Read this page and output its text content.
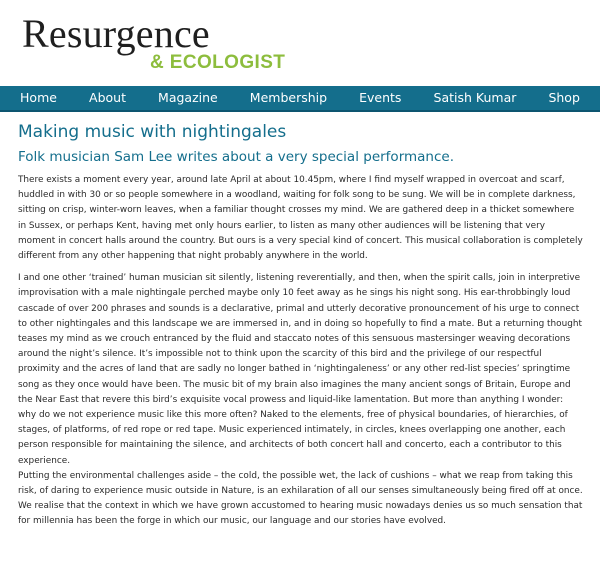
Resurgence
& ECOLOGIST
Home	About	Magazine	Membership	Events	Satish Kumar	Shop
Making music with nightingales
Folk musician Sam Lee writes about a very special performance.

There exists a moment every year, around late April at about 10.45pm, where I find myself wrapped in overcoat and scarf, huddled in with 30 or so people somewhere in a woodland, waiting for folk song to be sung. We will be in complete darkness, sitting on crisp, winter-worn leaves, when a familiar thought crosses my mind. We are gathered deep in a thicket somewhere in Sussex, or perhaps Kent, having met only hours earlier, to listen as many other audiences will be listening that very moment in concert halls around the country. But ours is a very special kind of concert. This musical collaboration is completely different from any other happening that night probably anywhere in the world.

I and one other ‘trained’ human musician sit silently, listening reverentially, and then, when the spirit calls, join in interpretive improvisation with a male nightingale perched maybe only 10 feet away as he sings his night song. His ear-throbbingly loud cascade of over 200 phrases and sounds is a declarative, primal and utterly decorative pronouncement of his urge to connect to other nightingales and this landscape we are immersed in, and in doing so hopefully to find a mate. But a returning thought teases my mind as we crouch entranced by the fluid and staccato notes of this sensuous mastersinger weaving decorations around the night’s silence. It’s impossible not to think upon the scarcity of this bird and the privilege of our respectful proximity and the acres of land that are sadly no longer bathed in ‘nightingaleness’ or any other red-list species’ springtime song as they once would have been. The music bit of my brain also imagines the many ancient songs of Britain, Europe and the Near East that revere this bird’s exquisite vocal prowess and liquid-like lamentation. But more than anything I wonder: why do we not experience music like this more often? Naked to the elements, free of physical boundaries, of hierarchies, of stages, of platforms, of red rope or red tape. Music experienced intimately, in circles, knees overlapping one another, each person responsible for maintaining the silence, and architects of both concert hall and concerto, each a contributor to this experience.

Putting the environmental challenges aside – the cold, the possible wet, the lack of cushions – what we reap from taking this risk, of daring to experience music outside in Nature, is an exhilaration of all our senses simultaneously being fired off at once. We realise that the context in which we have grown accustomed to hearing music nowadays denies us so much sensation that for millennia has been the forge in which our music, our language and our stories have evolved.
